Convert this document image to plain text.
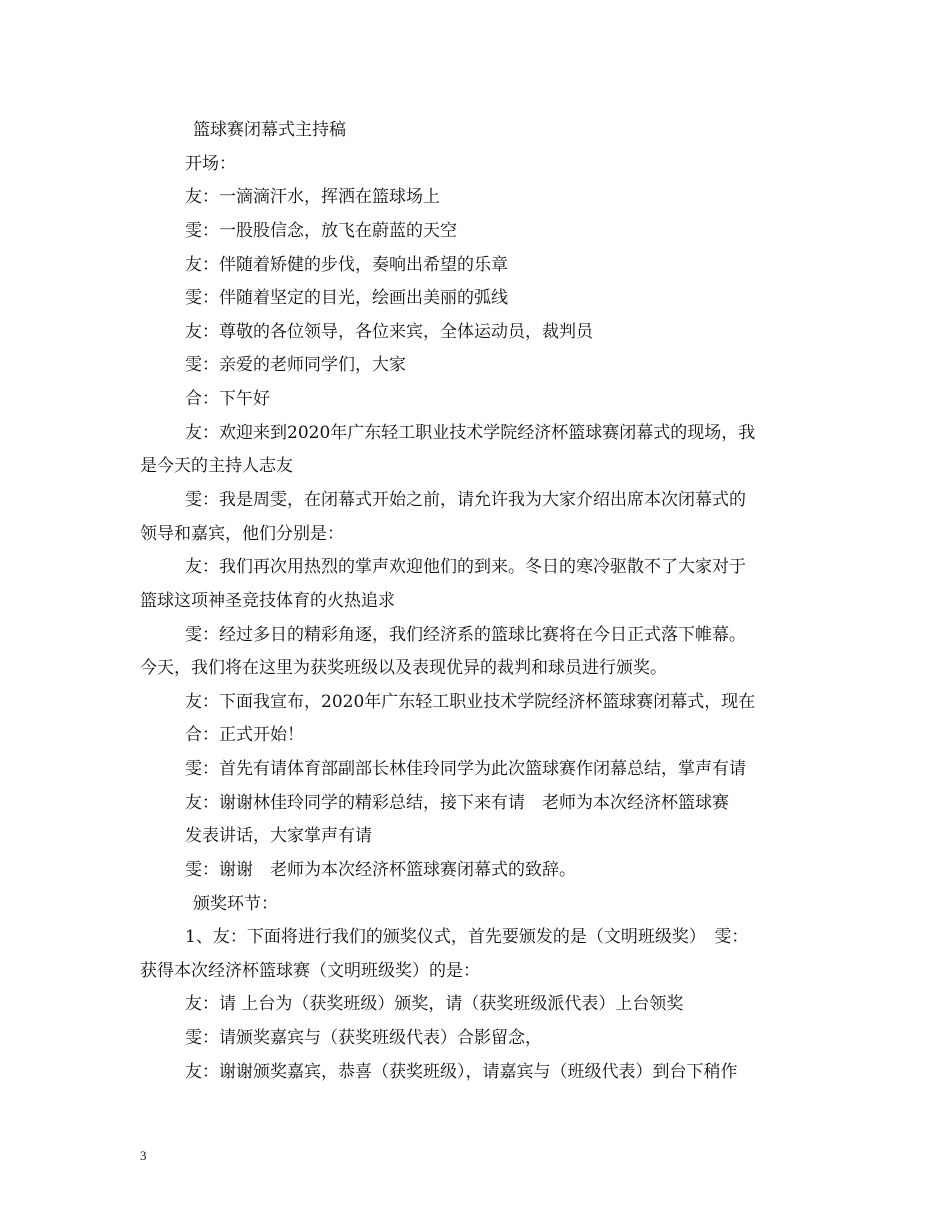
篮球赛闭幕式主持稿
开场：
友：一滴滴汗水，挥洒在篮球场上
雯：一股股信念，放飞在蔚蓝的天空
友：伴随着矫健的步伐，奏响出希望的乐章
雯：伴随着坚定的目光，绘画出美丽的弧线
友：尊敬的各位领导，各位来宾，全体运动员，裁判员
雯：亲爱的老师同学们，大家
合：下午好
友：欢迎来到2020年广东轻工职业技术学院经济杯篮球赛闭幕式的现场，我
是今天的主持人志友
雯：我是周雯，在闭幕式开始之前，请允许我为大家介绍出席本次闭幕式的
领导和嘉宾，他们分别是：
友：我们再次用热烈的掌声欢迎他们的到来。冬日的寒冷驱散不了大家对于
篮球这项神圣竞技体育的火热追求
雯：经过多日的精彩角逐，我们经济系的篮球比赛将在今日正式落下帷幕。
今天，我们将在这里为获奖班级以及表现优异的裁判和球员进行颁奖。
友：下面我宣布，2020年广东轻工职业技术学院经济杯篮球赛闭幕式，现在
合：正式开始！
雯：首先有请体育部副部长林佳玲同学为此次篮球赛作闭幕总结，掌声有请
友：谢谢林佳玲同学的精彩总结，接下来有请　老师为本次经济杯篮球赛
发表讲话，大家掌声有请
雯：谢谢　老师为本次经济杯篮球赛闭幕式的致辞。
颁奖环节：
1、友：下面将进行我们的颁奖仪式，首先要颁发的是（文明班级奖）　雯：
获得本次经济杯篮球赛（文明班级奖）的是：
友：请 上台为（获奖班级）颁奖，请（获奖班级派代表）上台领奖
雯：请颁奖嘉宾与（获奖班级代表）合影留念，
友：谢谢颁奖嘉宾，恭喜（获奖班级），请嘉宾与（班级代表）到台下稍作
3
